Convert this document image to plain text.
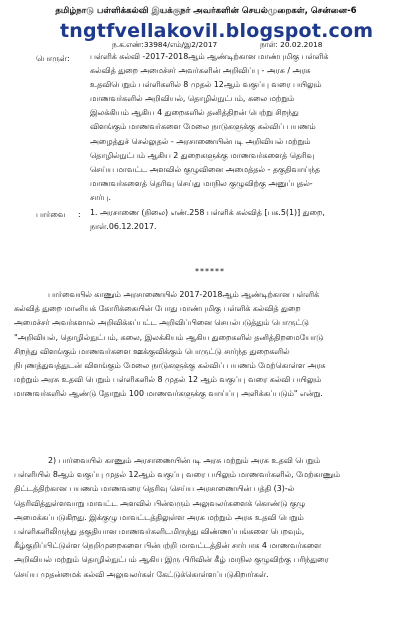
தமிழ்நாடு பள்ளிக்கல்வி இயக்குநர் அவர்களின் செயல்முறைகள், சென்னை-6
tngtfvellakovil.blogspot.com
ந.க.எண்:33984/எம்/இ2/2017	நாள்: 20.02.2018
பொருள்:	பள்ளிக் கல்வி -2017-2018ஆம் ஆண்டிற்கான மாண்புமிகு பள்ளிக்
கல்வித் துறை அமைச்சர் அவர்களின் அறிவிப்பு - அரசு / அரசு
உதவிபெறும் பள்ளிகளில் 8 முதல் 12ஆம் வகுப்பு வரை பயிலும்
மாணவர்களில் அறிவியல், தொழில்நுட்பம், கலை மற்றும்
இலக்கியம் ஆகிய 4 துறைகளில் தனித்திறன் பெற்று சிறந்து
விளங்கும் மாணவர்களை மேலை நாடுகளுக்கு கல்விப் பயணம்
அழைத்துச் செல்லுதல் - அரசாணையின்படி அறிவியல் மற்றும்
தொழில்நுட்பம் ஆகிய 2 துறைகளுக்கு மாணவர்களைத் தெரிவு
செய்ய மாவட்ட அளவில் குழுவினை அமைத்தல் - தகுதிவாய்ந்த
மாணவர்களைத் தெரிவு செய்து மாநில குழுவிற்கு அனுப்புதல்-
சார்பு.
பார்வை : 1. அரசாணை (நிலை) எண்.258 பள்ளிக் கல்வித் [பக.5(1)] துறை,
நாள்.06.12.2017.
******
பார்வையில் காணும் அரசாணையில் 2017-2018ஆம் ஆண்டிற்கான பள்ளிக்
கல்வித் துறை மானியக் கோரிக்கையின் போது மாண்புமிகு பள்ளிக் கல்வித் துறை
அமைச்சர் அவர்களால் அறிவிக்கப்பட்ட அறிவிப்பினை செயல்படுத்தும் பொருட்டு
"அறிவியல், தொழில்நுட்பம், கலை, இலக்கியம் ஆகிய துறைகளில் தனித்திறமையோடு
சிறந்து விளங்கும் மாணவர்களை ஊக்குவிக்கும் பொருட்டு சார்ந்த துறைகளில்
நிபுணத்துவத்துடன் விளங்கும் மேலை நாடுகளுக்கு கல்விப் பயணம் மேற்கொள்ள அரசு
மற்றும் அரசு உதவி பெறும் பள்ளிகளில் 8 முதல் 12 ஆம் வகுப்பு வரை கல்வி பயிலும்
மாணவர்களில் ஆண்டு தோறும் 100 மாணவர்களுக்கு வாய்ப்பு அளிக்கப்படும்" என்று.
2) பார்வையில் காணும் அரசாணையின்படி அரசு மற்றும் அரசு உதவி பெறும்
பள்ளியில் 8ஆம் வகுப்பு முதல் 12ஆம் வகுப்பு வரை பயிலும் மாணவர்களில், மேற்காணும்
திட்டத்திற்கான பயணம் மாணவரை தெரிவு செய்ய அரசாணையின் பத்தி (3)-ல்
தெரிவித்துள்ளவாறு மாவட்ட அளவில் பின்வரும் அலுவலர்களைக் கொண்டு குழு
அமைக்கப்படுகிறது. இக்குழு மாவட்டத்திலுள்ள அரசு மற்றும் அரசு உதவி பெறும்
பள்ளிகளிலிருந்து தகுதியான மாணவர்களிடமிருந்து விண்ணப்பங்களை பெறவும்,
கீழ்குறிப்பிட்டுள்ள நெறிமுறைகளை பின்பற்றி மாவட்டத்தின் சார்பாக 4 மாணவர்களை
அறிவியல் மற்றும் தொழில்நுட்பம் ஆகிய இரு பிரிவின் கீழ் மாநில குழுவிற்கு பரிந்துரை
செய்ய முதன்மைக் கல்வி அலுவலர்கள் கேட்டுக்கொள்ளப்படுகிறார்கள்.
